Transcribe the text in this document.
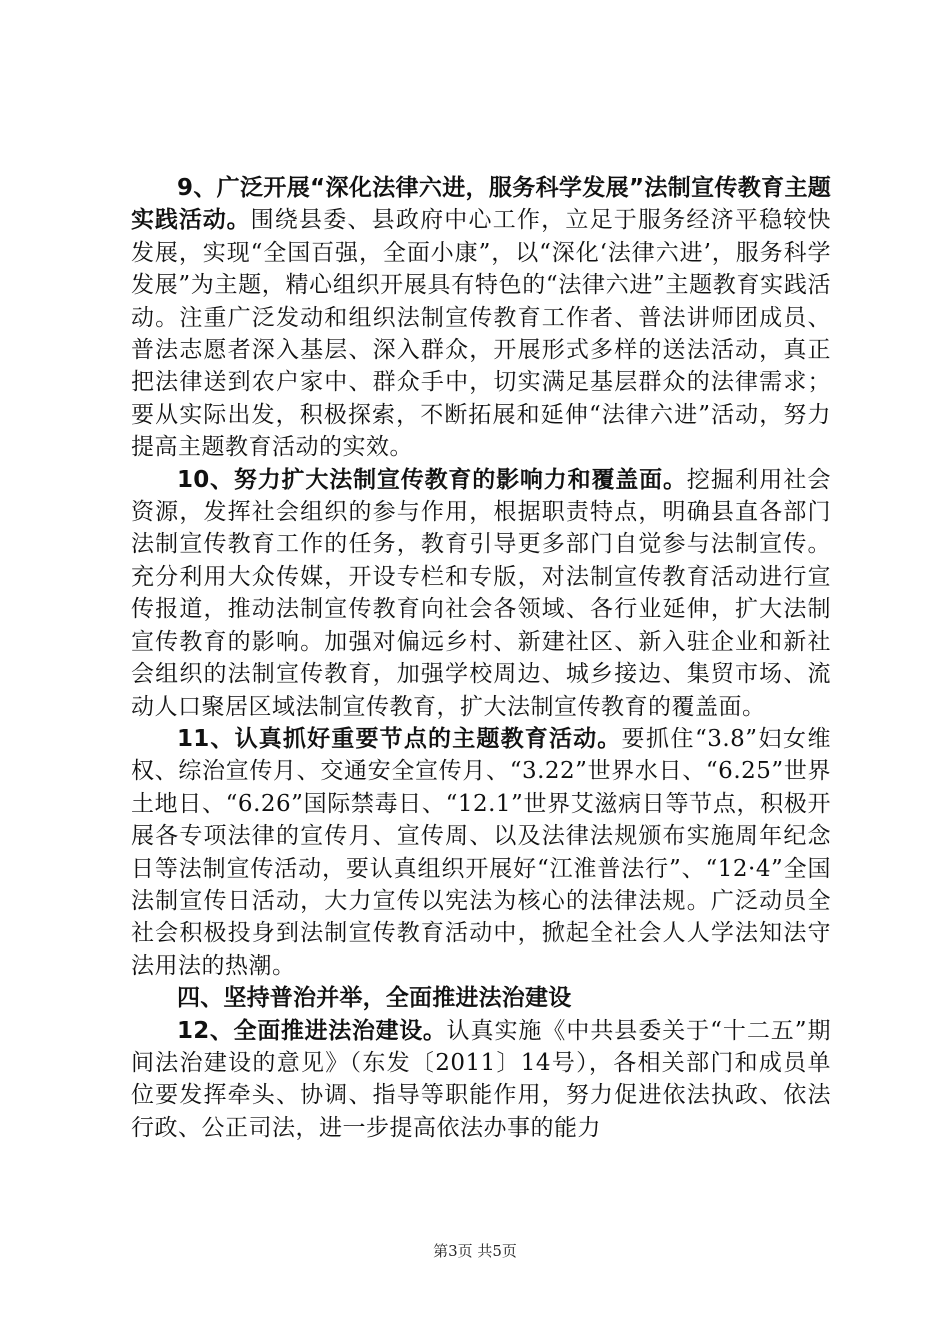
9、广泛开展“深化法律六进，服务科学发展”法制宣传教育主题实践活动。围绕县委、县政府中心工作，立足于服务经济平稳较快发展，实现“全国百强，全面小康”，以“深化‘法律六进’，服务科学发展”为主题，精心组织开展具有特色的“法律六进”主题教育实践活动。注重广泛发动和组织法制宣传教育工作者、普法讲师团成员、普法志愿者深入基层、深入群众，开展形式多样的送法活动，真正把法律送到农户家中、群众手中，切实满足基层群众的法律需求；要从实际出发，积极探索，不断拓展和延伸“法律六进”活动，努力提高主题教育活动的实效。

10、努力扩大法制宣传教育的影响力和覆盖面。挖掘利用社会资源，发挥社会组织的参与作用，根据职责特点，明确县直各部门法制宣传教育工作的任务，教育引导更多部门自觉参与法制宣传。充分利用大众传媒，开设专栏和专版，对法制宣传教育活动进行宣传报道，推动法制宣传教育向社会各领域、各行业延伸，扩大法制宣传教育的影响。加强对偏远乡村、新建社区、新入驻企业和新社会组织的法制宣传教育，加强学校周边、城乡接边、集贸市场、流动人口聚居区域法制宣传教育，扩大法制宣传教育的覆盖面。

11、认真抓好重要节点的主题教育活动。要抓住“3.8”妇女维权、综治宣传月、交通安全宣传月、“3.22”世界水日、“6.25”世界土地日、“6.26”国际禁毒日、“12.1”世界艾滋病日等节点，积极开展各专项法律的宣传月、宣传周、以及法律法规颁布实施周年纪念日等法制宣传活动，要认真组织开展好“江淮普法行”、“12·4”全国法制宣传日活动，大力宣传以宪法为核心的法律法规。广泛动员全社会积极投身到法制宣传教育活动中，掀起全社会人人学法知法守法用法的热潮。

四、坚持普治并举，全面推进法治建设

12、全面推进法治建设。认真实施《中共县委关于“十二五”期间法治建设的意见》（东发〔2011〕14号），各相关部门和成员单位要发挥牵头、协调、指导等职能作用，努力促进依法执政、依法行政、公正司法，进一步提高依法办事的能力

第3页 共5页
